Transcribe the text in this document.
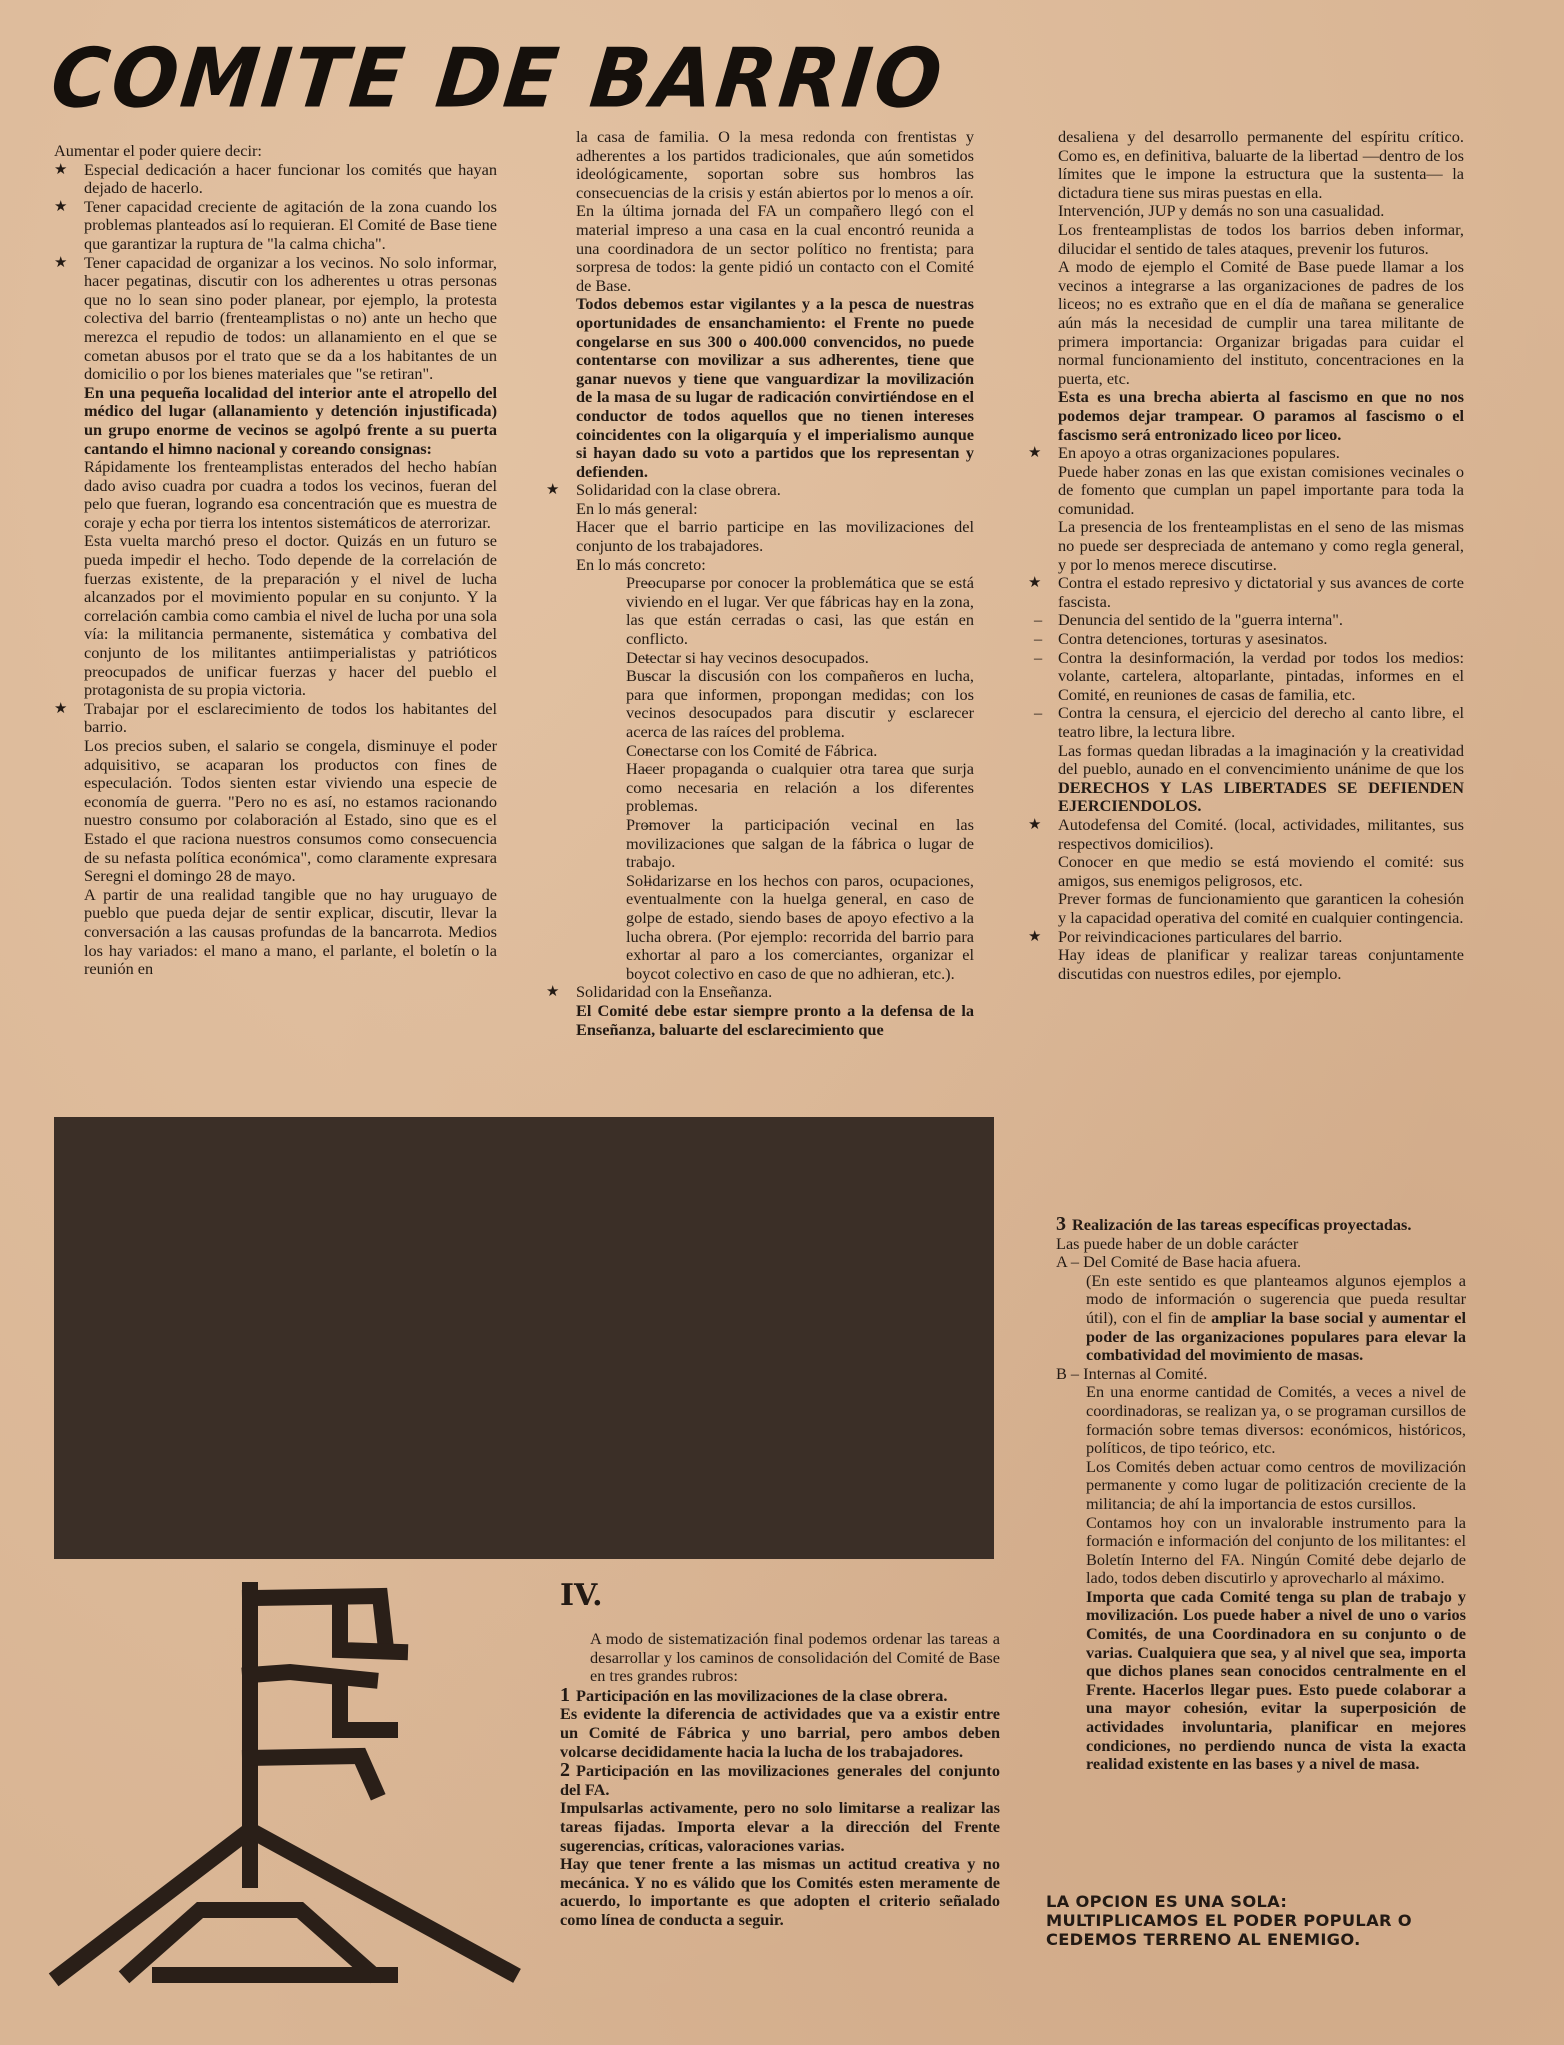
COMITE DE BARRIO

Aumentar el poder quiere decir:

★ Especial dedicación a hacer funcionar los comités que hayan dejado de hacerlo.

★ Tener capacidad creciente de agitación de la zona cuando los problemas planteados así lo requieran. El Comité de Base tiene que garantizar la ruptura de "la calma chicha".

★ Tener capacidad de organizar a los vecinos. No solo informar, hacer pegatinas, discutir con los adherentes u otras personas que no lo sean sino poder planear, por ejemplo, la protesta colectiva del barrio (frenteamplistas o no) ante un hecho que merezca el repudio de todos: un allanamiento en el que se cometan abusos por el trato que se da a los habitantes de un domicilio o por los bienes materiales que "se retiran".

En una pequeña localidad del interior ante el atropello del médico del lugar (allanamiento y detención injustificada) un grupo enorme de vecinos se agolpó frente a su puerta cantando el himno nacional y coreando consignas:

Rápidamente los frenteamplistas enterados del hecho habían dado aviso cuadra por cuadra a todos los vecinos, fueran del pelo que fueran, logrando esa concentración que es muestra de coraje y echa por tierra los intentos sistemáticos de aterrorizar.

Esta vuelta marchó preso el doctor. Quizás en un futuro se pueda impedir el hecho. Todo depende de la correlación de fuerzas existente, de la preparación y el nivel de lucha alcanzados por el movimiento popular en su conjunto. Y la correlación cambia como cambia el nivel de lucha por una sola vía: la militancia permanente, sistemática y combativa del conjunto de los militantes antiimperialistas y patrióticos preocupados de unificar fuerzas y hacer del pueblo el protagonista de su propia victoria.

★ Trabajar por el esclarecimiento de todos los habitantes del barrio.

Los precios suben, el salario se congela, disminuye el poder adquisitivo, se acaparan los productos con fines de especulación. Todos sienten estar viviendo una especie de economía de guerra. "Pero no es así, no estamos racionando nuestro consumo por colaboración al Estado, sino que es el Estado el que raciona nuestros consumos como consecuencia de su nefasta política económica", como claramente expresara Seregni el domingo 28 de mayo.

A partir de una realidad tangible que no hay uruguayo de pueblo que pueda dejar de sentir explicar, discutir, llevar la conversación a las causas profundas de la bancarrota. Medios los hay variados: el mano a mano, el parlante, el boletín o la reunión en

la casa de familia. O la mesa redonda con frentistas y adherentes a los partidos tradicionales, que aún sometidos ideológicamente, soportan sobre sus hombros las consecuencias de la crisis y están abiertos por lo menos a oír.

En la última jornada del FA un compañero llegó con el material impreso a una casa en la cual encontró reunida a una coordinadora de un sector político no frentista; para sorpresa de todos: la gente pidió un contacto con el Comité de Base.

Todos debemos estar vigilantes y a la pesca de nuestras oportunidades de ensanchamiento: el Frente no puede congelarse en sus 300 o 400.000 convencidos, no puede contentarse con movilizar a sus adherentes, tiene que ganar nuevos y tiene que vanguardizar la movilización de la masa de su lugar de radicación convirtiéndose en el conductor de todos aquellos que no tienen intereses coincidentes con la oligarquía y el imperialismo aunque si hayan dado su voto a partidos que los representan y defienden.

★ Solidaridad con la clase obrera.

En lo más general:

Hacer que el barrio participe en las movilizaciones del conjunto de los trabajadores.

En lo más concreto:

– Preocuparse por conocer la problemática que se está viviendo en el lugar. Ver que fábricas hay en la zona, las que están cerradas o casi, las que están en conflicto.

– Detectar si hay vecinos desocupados.

– Buscar la discusión con los compañeros en lucha, para que informen, propongan medidas; con los vecinos desocupados para discutir y esclarecer acerca de las raíces del problema.

– Conectarse con los Comité de Fábrica.

– Hacer propaganda o cualquier otra tarea que surja como necesaria en relación a los diferentes problemas.

– Promover la participación vecinal en las movilizaciones que salgan de la fábrica o lugar de trabajo.

– Solidarizarse en los hechos con paros, ocupaciones, eventualmente con la huelga general, en caso de golpe de estado, siendo bases de apoyo efectivo a la lucha obrera. (Por ejemplo: recorrida del barrio para exhortar al paro a los comerciantes, organizar el boycot colectivo en caso de que no adhieran, etc.).

★ Solidaridad con la Enseñanza.

El Comité debe estar siempre pronto a la defensa de la Enseñanza, baluarte del esclarecimiento que

desaliena y del desarrollo permanente del espíritu crítico. Como es, en definitiva, baluarte de la libertad —dentro de los límites que le impone la estructura que la sustenta— la dictadura tiene sus miras puestas en ella.

Intervención, JUP y demás no son una casualidad.

Los frenteamplistas de todos los barrios deben informar, dilucidar el sentido de tales ataques, prevenir los futuros.

A modo de ejemplo el Comité de Base puede llamar a los vecinos a integrarse a las organizaciones de padres de los liceos; no es extraño que en el día de mañana se generalice aún más la necesidad de cumplir una tarea militante de primera importancia: Organizar brigadas para cuidar el normal funcionamiento del instituto, concentraciones en la puerta, etc.

Esta es una brecha abierta al fascismo en que no nos podemos dejar trampear. O paramos al fascismo o el fascismo será entronizado liceo por liceo.

★ En apoyo a otras organizaciones populares.

Puede haber zonas en las que existan comisiones vecinales o de fomento que cumplan un papel importante para toda la comunidad.

La presencia de los frenteamplistas en el seno de las mismas no puede ser despreciada de antemano y como regla general, y por lo menos merece discutirse.

★ Contra el estado represivo y dictatorial y sus avances de corte fascista.

– Denuncia del sentido de la "guerra interna".

– Contra detenciones, torturas y asesinatos.

– Contra la desinformación, la verdad por todos los medios: volante, cartelera, altoparlante, pintadas, informes en el Comité, en reuniones de casas de familia, etc.

– Contra la censura, el ejercicio del derecho al canto libre, el teatro libre, la lectura libre.

Las formas quedan libradas a la imaginación y la creatividad del pueblo, aunado en el convencimiento unánime de que los DERECHOS Y LAS LIBERTADES SE DEFIENDEN EJERCIENDOLOS.

★ Autodefensa del Comité. (local, actividades, militantes, sus respectivos domicilios).

Conocer en que medio se está moviendo el comité: sus amigos, sus enemigos peligrosos, etc.

Prever formas de funcionamiento que garanticen la cohesión y la capacidad operativa del comité en cualquier contingencia.

★ Por reivindicaciones particulares del barrio.

Hay ideas de planificar y realizar tareas conjuntamente discutidas con nuestros ediles, por ejemplo.

IV.

A modo de sistematización final podemos ordenar las tareas a desarrollar y los caminos de consolidación del Comité de Base en tres grandes rubros:

1 Participación en las movilizaciones de la clase obrera.

Es evidente la diferencia de actividades que va a existir entre un Comité de Fábrica y uno barrial, pero ambos deben volcarse decididamente hacia la lucha de los trabajadores.

2 Participación en las movilizaciones generales del conjunto del FA.

Impulsarlas activamente, pero no solo limitarse a realizar las tareas fijadas. Importa elevar a la dirección del Frente sugerencias, críticas, valoraciones varias.

Hay que tener frente a las mismas un actitud creativa y no mecánica. Y no es válido que los Comités esten meramente de acuerdo, lo importante es que adopten el criterio señalado como línea de conducta a seguir.

3 Realización de las tareas específicas proyectadas.

Las puede haber de un doble carácter

A – Del Comité de Base hacia afuera.

(En este sentido es que planteamos algunos ejemplos a modo de información o sugerencia que pueda resultar útil), con el fin de ampliar la base social y aumentar el poder de las organizaciones populares para elevar la combatividad del movimiento de masas.

B – Internas al Comité.

En una enorme cantidad de Comités, a veces a nivel de coordinadoras, se realizan ya, o se programan cursillos de formación sobre temas diversos: económicos, históricos, políticos, de tipo teórico, etc.

Los Comités deben actuar como centros de movilización permanente y como lugar de politización creciente de la militancia; de ahí la importancia de estos cursillos.

Contamos hoy con un invalorable instrumento para la formación e información del conjunto de los militantes: el Boletín Interno del FA. Ningún Comité debe dejarlo de lado, todos deben discutirlo y aprovecharlo al máximo.

Importa que cada Comité tenga su plan de trabajo y movilización. Los puede haber a nivel de uno o varios Comités, de una Coordinadora en su conjunto o de varias. Cualquiera que sea, y al nivel que sea, importa que dichos planes sean conocidos centralmente en el Frente. Hacerlos llegar pues. Esto puede colaborar a una mayor cohesión, evitar la superposición de actividades involuntaria, planificar en mejores condiciones, no perdiendo nunca de vista la exacta realidad existente en las bases y a nivel de masa.

LA OPCION ES UNA SOLA:

MULTIPLICAMOS EL PODER POPULAR O

CEDEMOS TERRENO AL ENEMIGO.
